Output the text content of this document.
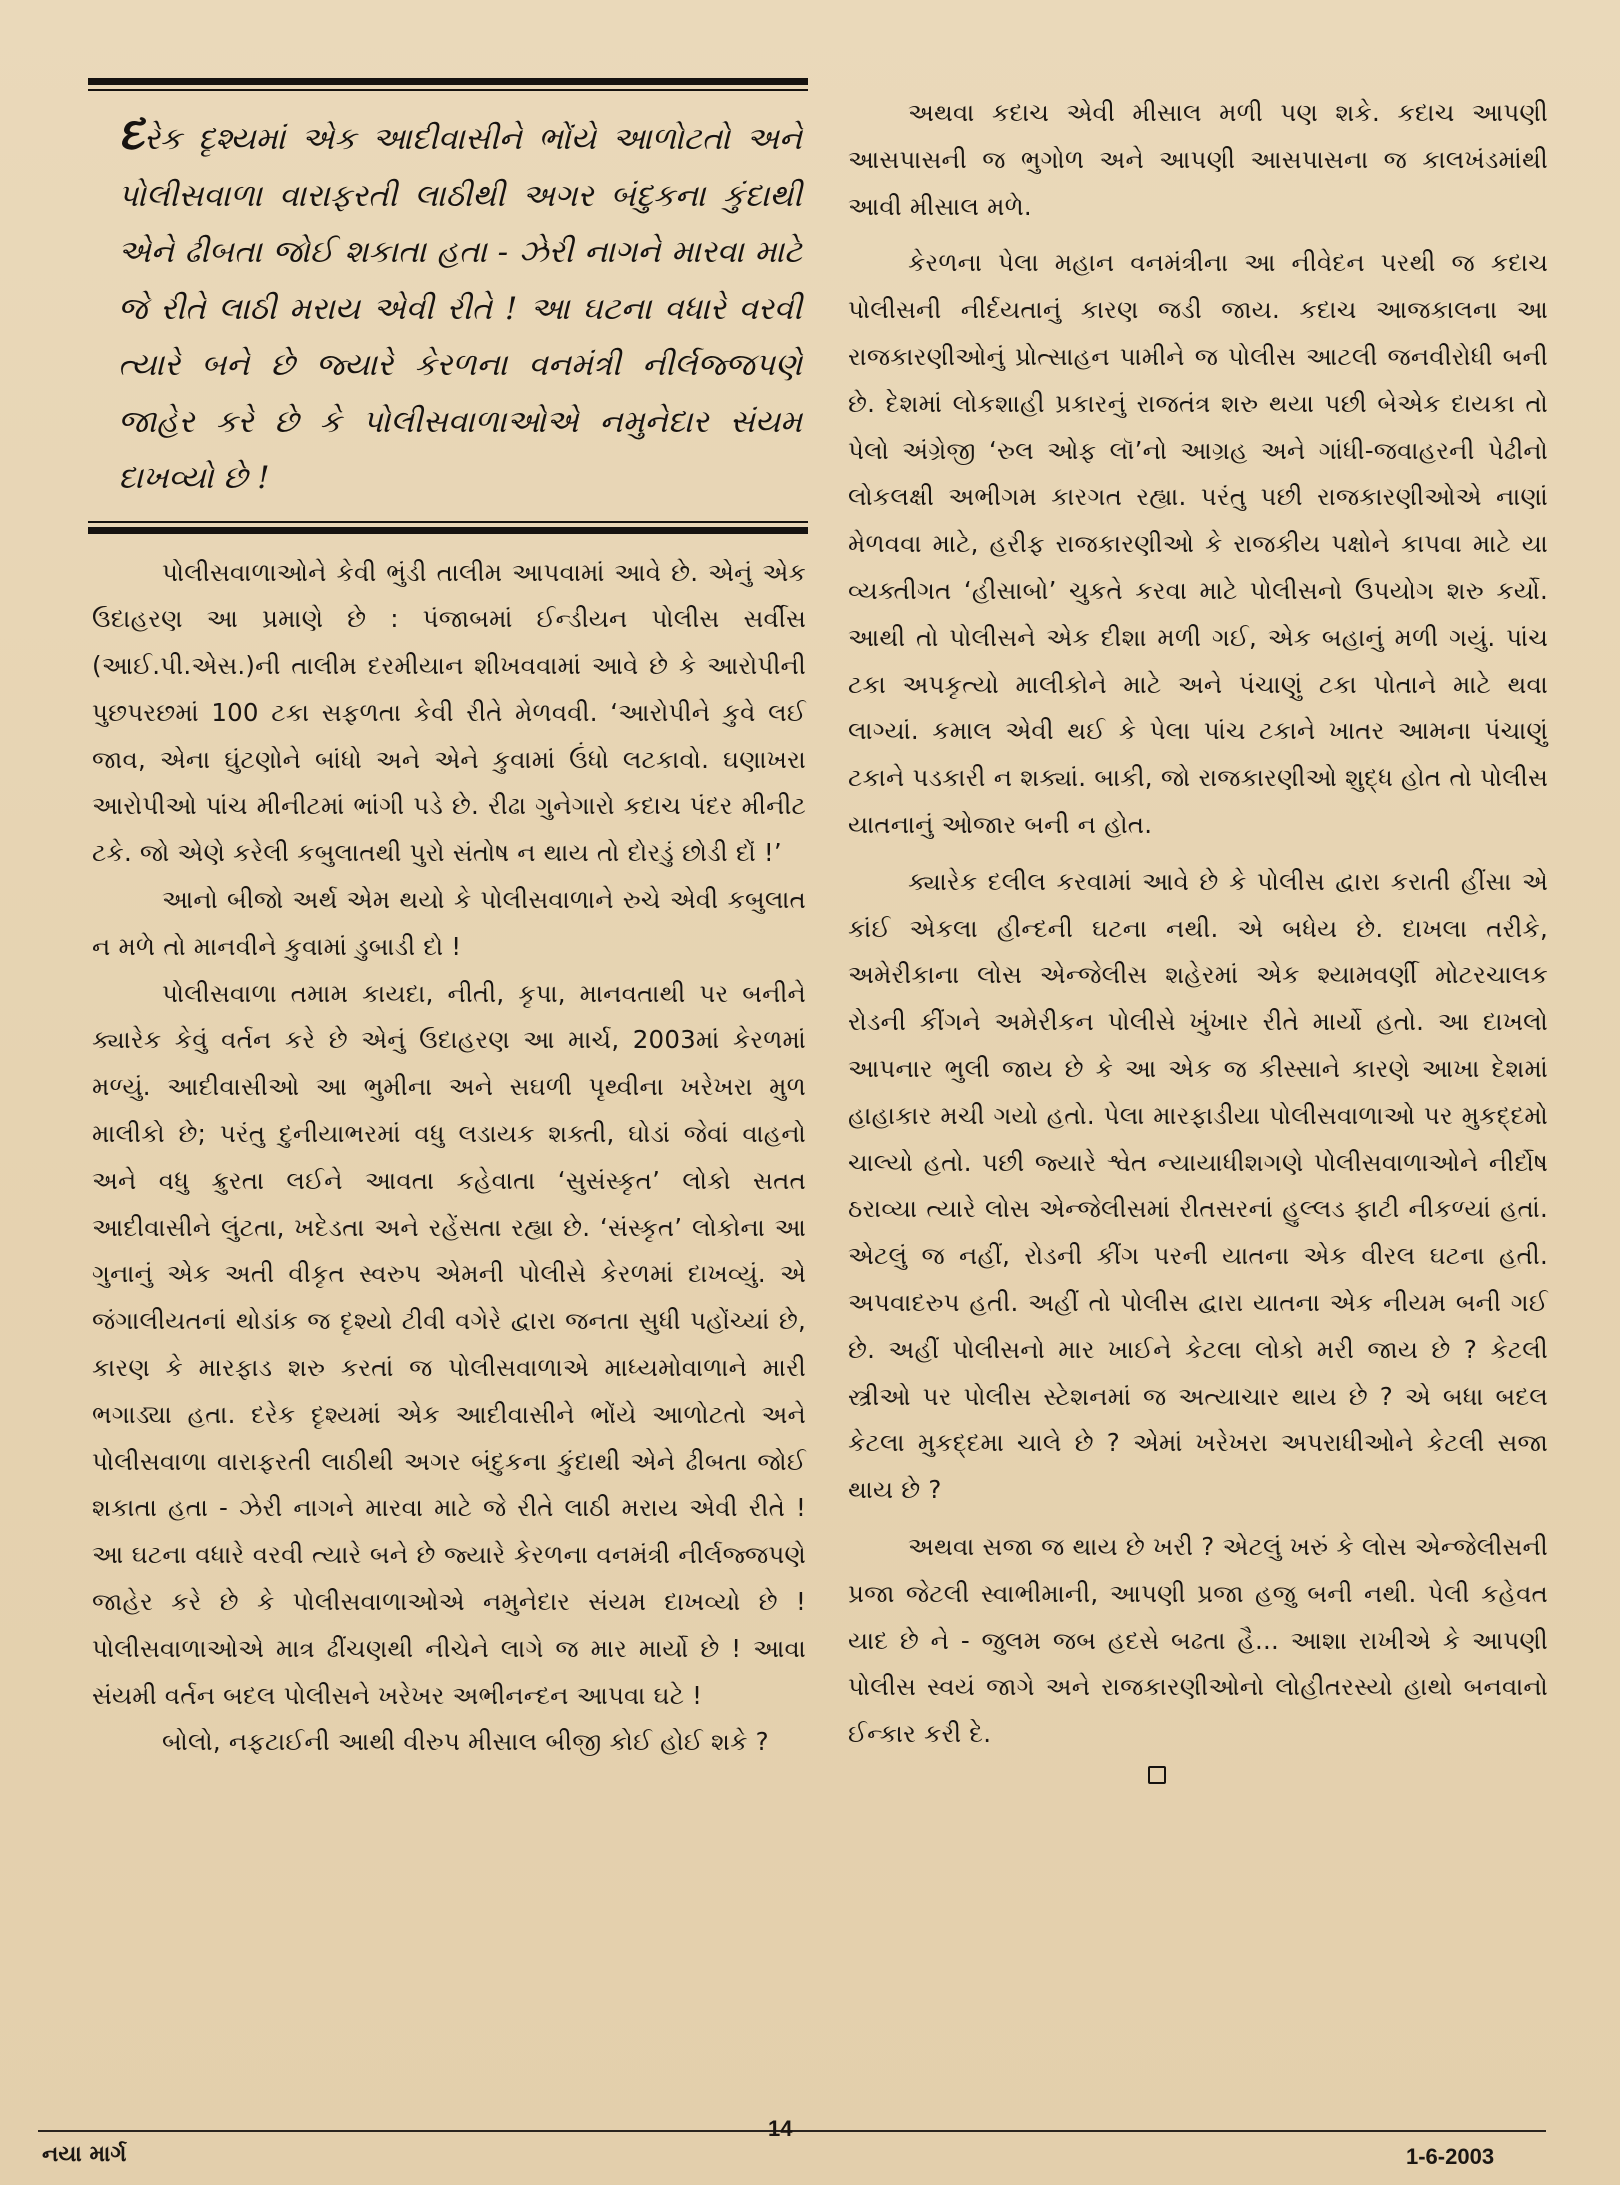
દરેક દૃશ્યમાં એક આદીવાસીને ભોંયે આળોટતો અને પોલીસવાળા વારાફરતી લાઠીથી અગર બંદુકના કુંદાથી એને ઢીબતા જોઈ શકાતા હતા - ઝેરી નાગને મારવા માટે જે રીતે લાઠી મરાય એવી રીતે ! આ ઘટના વધારે વરવી ત્યારે બને છે જ્યારે કેરળના વનમંત્રી નીર્લજ્જપણે જાહેર કરે છે કે પોલીસવાળાઓએ નમુનેદાર સંયમ દાખવ્યો છે !

પોલીસવાળાઓને કેવી ભુંડી તાલીમ આપવામાં આવે છે. એનું એક ઉદાહરણ આ પ્રમાણે છે : પંજાબમાં ઈન્ડીયન પોલીસ સર્વીસ (આઈ.પી.એસ.)ની તાલીમ દરમીયાન શીખવવામાં આવે છે કે આરોપીની પુછપરછમાં 100 ટકા સફળતા કેવી રીતે મેળવવી. ‘આરોપીને કુવે લઈ જાવ, એના ઘુંટણોને બાંધો અને એને કુવામાં ઉંધો લટકાવો. ઘણાખરા આરોપીઓ પાંચ મીનીટમાં ભાંગી પડે છે. રીઢા ગુનેગારો કદાચ પંદર મીનીટ ટકે. જો એણે કરેલી કબુલાતથી પુરો સંતોષ ન થાય તો દોરડું છોડી દોં !’

આનો બીજો અર્થ એમ થયો કે પોલીસવાળાને રુચે એવી કબુલાત ન મળે તો માનવીને કુવામાં ડુબાડી દો !

પોલીસવાળા તમામ કાયદા, નીતી, કૃપા, માનવતાથી પર બનીને ક્યારેક કેવું વર્તન કરે છે એનું ઉદાહરણ આ માર્ચ, 2003માં કેરળમાં મળ્યું. આદીવાસીઓ આ ભુમીના અને સઘળી પૃથ્વીના ખરેખરા મુળ માલીકો છે; પરંતુ દુનીયાભરમાં વધુ લડાયક શક્તી, ઘોડાં જેવાં વાહનો અને વધુ ક્રુરતા લઈને આવતા કહેવાતા ‘સુસંસ્કૃત’ લોકો સતત આદીવાસીને લુંટતા, ખદેડતા અને રહેંસતા રહ્યા છે. ‘સંસ્કૃત’ લોકોના આ ગુનાનું એક અતી વીકૃત સ્વરુપ એમની પોલીસે કેરળમાં દાખવ્યું. એ જંગાલીયતનાં થોડાંક જ દૃશ્યો ટીવી વગેરે દ્વારા જનતા સુધી પહોંચ્યાં છે, કારણ કે મારફાડ શરુ કરતાં જ પોલીસવાળાએ માધ્યમોવાળાને મારી ભગાડ્યા હતા. દરેક દૃશ્યમાં એક આદીવાસીને ભોંયે આળોટતો અને પોલીસવાળા વારાફરતી લાઠીથી અગર બંદુકના કુંદાથી એને ઢીબતા જોઈ શકાતા હતા - ઝેરી નાગને મારવા માટે જે રીતે લાઠી મરાય એવી રીતે ! આ ઘટના વધારે વરવી ત્યારે બને છે જ્યારે કેરળના વનમંત્રી નીર્લજ્જપણે જાહેર કરે છે કે પોલીસવાળાઓએ નમુનેદાર સંયમ દાખવ્યો છે ! પોલીસવાળાઓએ માત્ર ઢીંચણથી નીચેને લાગે જ માર માર્યો છે ! આવા સંયમી વર્તન બદલ પોલીસને ખરેખર અભીનન્દન આપવા ઘટે !

બોલો, નફટાઈની આથી વીરુપ મીસાલ બીજી કોઈ હોઈ શકે ?

અથવા કદાચ એવી મીસાલ મળી પણ શકે. કદાચ આપણી આસપાસની જ ભુગોળ અને આપણી આસપાસના જ કાલખંડમાંથી આવી મીસાલ મળે.

કેરળના પેલા મહાન વનમંત્રીના આ નીવેદન પરથી જ કદાચ પોલીસની નીર્દયતાનું કારણ જડી જાય. કદાચ આજકાલના આ રાજકારણીઓનું પ્રોત્સાહન પામીને જ પોલીસ આટલી જનવીરોધી બની છે. દેશમાં લોકશાહી પ્રકારનું રાજતંત્ર શરુ થયા પછી બેએક દાયકા તો પેલો અંગ્રેજી ‘રુલ ઓફ લૉ’નો આગ્રહ અને ગાંધી-જવાહરની પેઢીનો લોકલક્ષી અભીગમ કારગત રહ્યા. પરંતુ પછી રાજકારણીઓએ નાણાં મેળવવા માટે, હરીફ રાજકારણીઓ કે રાજકીય પક્ષોને કાપવા માટે યા વ્યક્તીગત ‘હીસાબો’ ચુકતે કરવા માટે પોલીસનો ઉપયોગ શરુ કર્યો. આથી તો પોલીસને એક દીશા મળી ગઈ, એક બહાનું મળી ગયું. પાંચ ટકા અપકૃત્યો માલીકોને માટે અને પંચાણું ટકા પોતાને માટે થવા લાગ્યાં. કમાલ એવી થઈ કે પેલા પાંચ ટકાને ખાતર આમના પંચાણું ટકાને પડકારી ન શક્યાં. બાકી, જો રાજકારણીઓ શુદ્ધ હોત તો પોલીસ યાતનાનું ઓજાર બની ન હોત.

ક્યારેક દલીલ કરવામાં આવે છે કે પોલીસ દ્વારા કરાતી હીંસા એ કાંઈ એકલા હીન્દની ઘટના નથી. એ બધેય છે. દાખલા તરીકે, અમેરીકાના લોસ એન્જેલીસ શહેરમાં એક શ્યામવર્ણી મોટરચાલક રોડની કીંગને અમેરીકન પોલીસે ખુંખાર રીતે માર્યો હતો. આ દાખલો આપનાર ભુલી જાય છે કે આ એક જ કીસ્સાને કારણે આખા દેશમાં હાહાકાર મચી ગયો હતો. પેલા મારફાડીયા પોલીસવાળાઓ પર મુકદ્દમો ચાલ્યો હતો. પછી જ્યારે શ્વેત ન્યાયાધીશગણે પોલીસવાળાઓને નીર્દોષ ઠરાવ્યા ત્યારે લોસ એન્જેલીસમાં રીતસરનાં હુલ્લડ ફાટી નીકળ્યાં હતાં. એટલું જ નહીં, રોડની કીંગ પરની યાતના એક વીરલ ઘટના હતી. અપવાદરુપ હતી. અહીં તો પોલીસ દ્વારા યાતના એક નીયમ બની ગઈ છે. અહીં પોલીસનો માર ખાઈને કેટલા લોકો મરી જાય છે ? કેટલી સ્ત્રીઓ પર પોલીસ સ્ટેશનમાં જ અત્યાચાર થાય છે ? એ બધા બદલ કેટલા મુકદ્દમા ચાલે છે ? એમાં ખરેખરા અપરાધીઓને કેટલી સજા થાય છે ?

અથવા સજા જ થાય છે ખરી ? એટલું ખરું કે લોસ એન્જેલીસની પ્રજા જેટલી સ્વાભીમાની, આપણી પ્રજા હજુ બની નથી. પેલી કહેવત યાદ છે ને - જુલમ જબ હદસે બઢતા હૈ... આશા રાખીએ કે આપણી પોલીસ સ્વયં જાગે અને રાજકારણીઓનો લોહીતરસ્યો હાથો બનવાનો ઈન્કાર કરી દે.

નયા માર્ગ
14
1-6-2003
